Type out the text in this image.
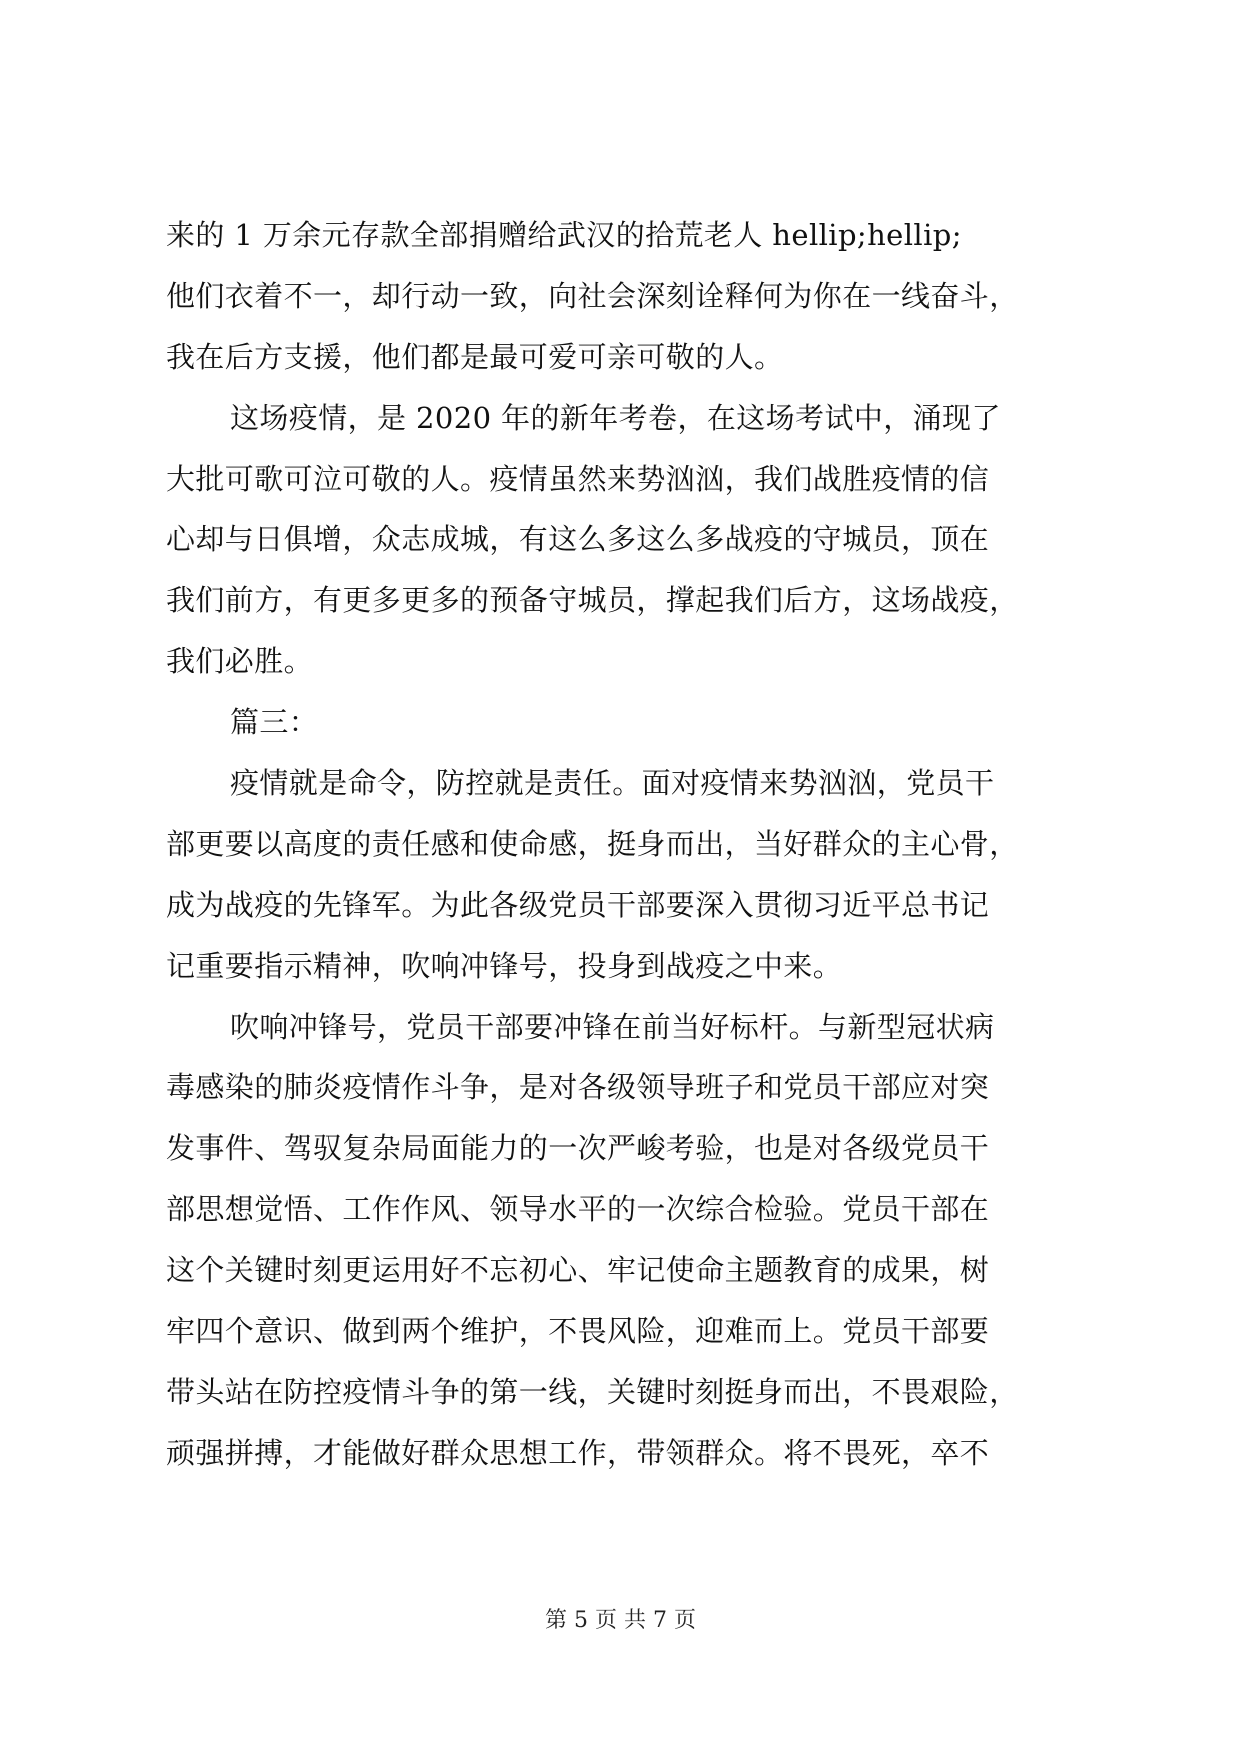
来的 1 万余元存款全部捐赠给武汉的拾荒老人 hellip;hellip;
他们衣着不一，却行动一致，向社会深刻诠释何为你在一线奋斗，
我在后方支援，他们都是最可爱可亲可敬的人。
这场疫情，是 2020 年的新年考卷，在这场考试中，涌现了
大批可歌可泣可敬的人。疫情虽然来势汹汹，我们战胜疫情的信
心却与日俱增，众志成城，有这么多这么多战疫的守城员，顶在
我们前方，有更多更多的预备守城员，撑起我们后方，这场战疫，
我们必胜。
篇三：
疫情就是命令，防控就是责任。面对疫情来势汹汹，党员干
部更要以高度的责任感和使命感，挺身而出，当好群众的主心骨，
成为战疫的先锋军。为此各级党员干部要深入贯彻习近平总书记
记重要指示精神，吹响冲锋号，投身到战疫之中来。
吹响冲锋号，党员干部要冲锋在前当好标杆。与新型冠状病
毒感染的肺炎疫情作斗争，是对各级领导班子和党员干部应对突
发事件、驾驭复杂局面能力的一次严峻考验，也是对各级党员干
部思想觉悟、工作作风、领导水平的一次综合检验。党员干部在
这个关键时刻更运用好不忘初心、牢记使命主题教育的成果，树
牢四个意识、做到两个维护，不畏风险，迎难而上。党员干部要
带头站在防控疫情斗争的第一线，关键时刻挺身而出，不畏艰险，
顽强拼搏，才能做好群众思想工作，带领群众。将不畏死，卒不
第 5 页 共 7 页
